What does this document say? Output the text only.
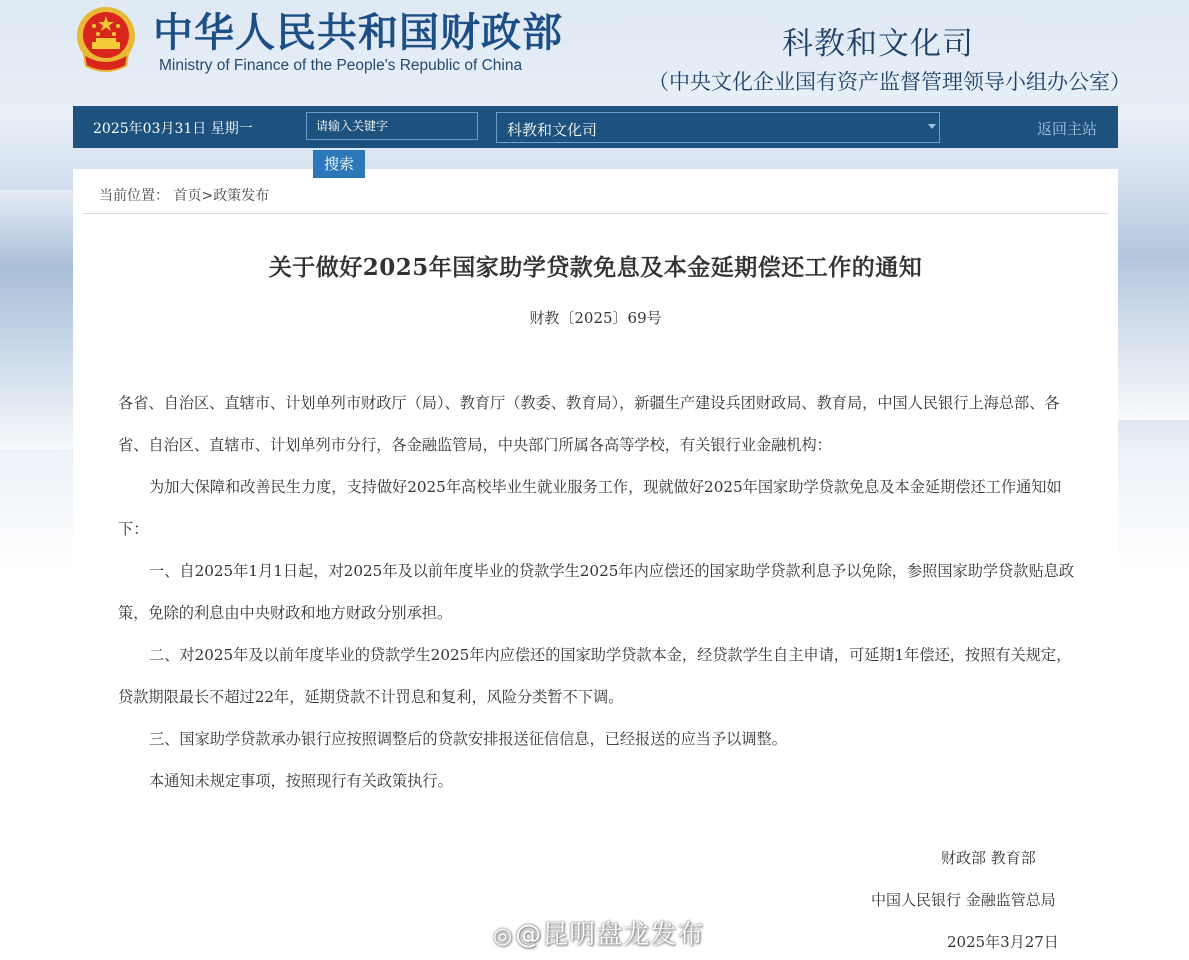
中华人民共和国财政部
Ministry of Finance of the People's Republic of China
科教和文化司
（中央文化企业国有资产监督管理领导小组办公室）
2025年03月31日 星期一
请输入关键字	科教和文化司	返回主站
搜索
当前位置： 首页>政策发布
关于做好2025年国家助学贷款免息及本金延期偿还工作的通知
财教〔2025〕69号

各省、自治区、直辖市、计划单列市财政厅（局）、教育厅（教委、教育局），新疆生产建设兵团财政局、教育局，中国人民银行上海总部、各省、自治区、直辖市、计划单列市分行，各金融监管局，中央部门所属各高等学校，有关银行业金融机构：

为加大保障和改善民生力度，支持做好2025年高校毕业生就业服务工作，现就做好2025年国家助学贷款免息及本金延期偿还工作通知如下：

一、自2025年1月1日起，对2025年及以前年度毕业的贷款学生2025年内应偿还的国家助学贷款利息予以免除，参照国家助学贷款贴息政策，免除的利息由中央财政和地方财政分别承担。

二、对2025年及以前年度毕业的贷款学生2025年内应偿还的国家助学贷款本金，经贷款学生自主申请，可延期1年偿还，按照有关规定，贷款期限最长不超过22年，延期贷款不计罚息和复利，风险分类暂不下调。

三、国家助学贷款承办银行应按照调整后的贷款安排报送征信信息，已经报送的应当予以调整。

本通知未规定事项，按照现行有关政策执行。

财政部 教育部
中国人民银行 金融监管总局
2025年3月27日
◎@昆明盘龙发布
